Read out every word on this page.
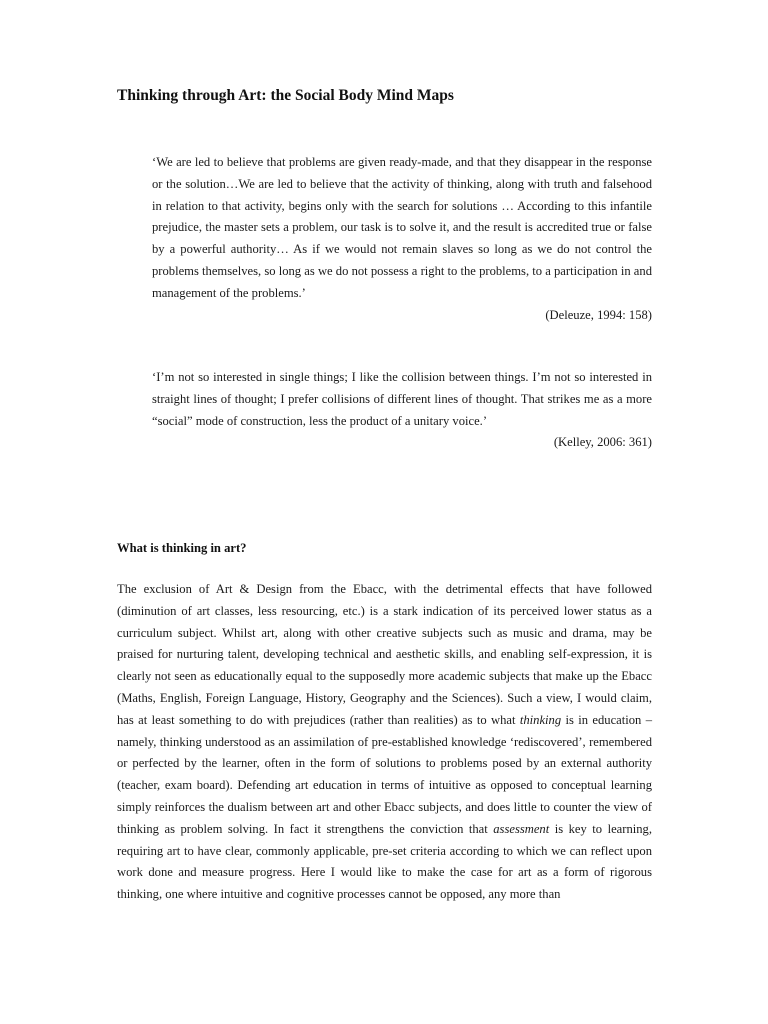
Thinking through Art: the Social Body Mind Maps
‘We are led to believe that problems are given ready-made, and that they disappear in the response or the solution…We are led to believe that the activity of thinking, along with truth and falsehood in relation to that activity, begins only with the search for solutions … According to this infantile prejudice, the master sets a problem, our task is to solve it, and the result is accredited true or false by a powerful authority… As if we would not remain slaves so long as we do not control the problems themselves, so long as we do not possess a right to the problems, to a participation in and management of the problems.’
(Deleuze, 1994: 158)
‘I’m not so interested in single things; I like the collision between things. I’m not so interested in straight lines of thought; I prefer collisions of different lines of thought. That strikes me as a more “social” mode of construction, less the product of a unitary voice.’
(Kelley, 2006: 361)
What is thinking in art?
The exclusion of Art & Design from the Ebacc, with the detrimental effects that have followed (diminution of art classes, less resourcing, etc.) is a stark indication of its perceived lower status as a curriculum subject. Whilst art, along with other creative subjects such as music and drama, may be praised for nurturing talent, developing technical and aesthetic skills, and enabling self-expression, it is clearly not seen as educationally equal to the supposedly more academic subjects that make up the Ebacc (Maths, English, Foreign Language, History, Geography and the Sciences). Such a view, I would claim, has at least something to do with prejudices (rather than realities) as to what thinking is in education – namely, thinking understood as an assimilation of pre-established knowledge ‘rediscovered’, remembered or perfected by the learner, often in the form of solutions to problems posed by an external authority (teacher, exam board). Defending art education in terms of intuitive as opposed to conceptual learning simply reinforces the dualism between art and other Ebacc subjects, and does little to counter the view of thinking as problem solving. In fact it strengthens the conviction that assessment is key to learning, requiring art to have clear, commonly applicable, pre-set criteria according to which we can reflect upon work done and measure progress. Here I would like to make the case for art as a form of rigorous thinking, one where intuitive and cognitive processes cannot be opposed, any more than
